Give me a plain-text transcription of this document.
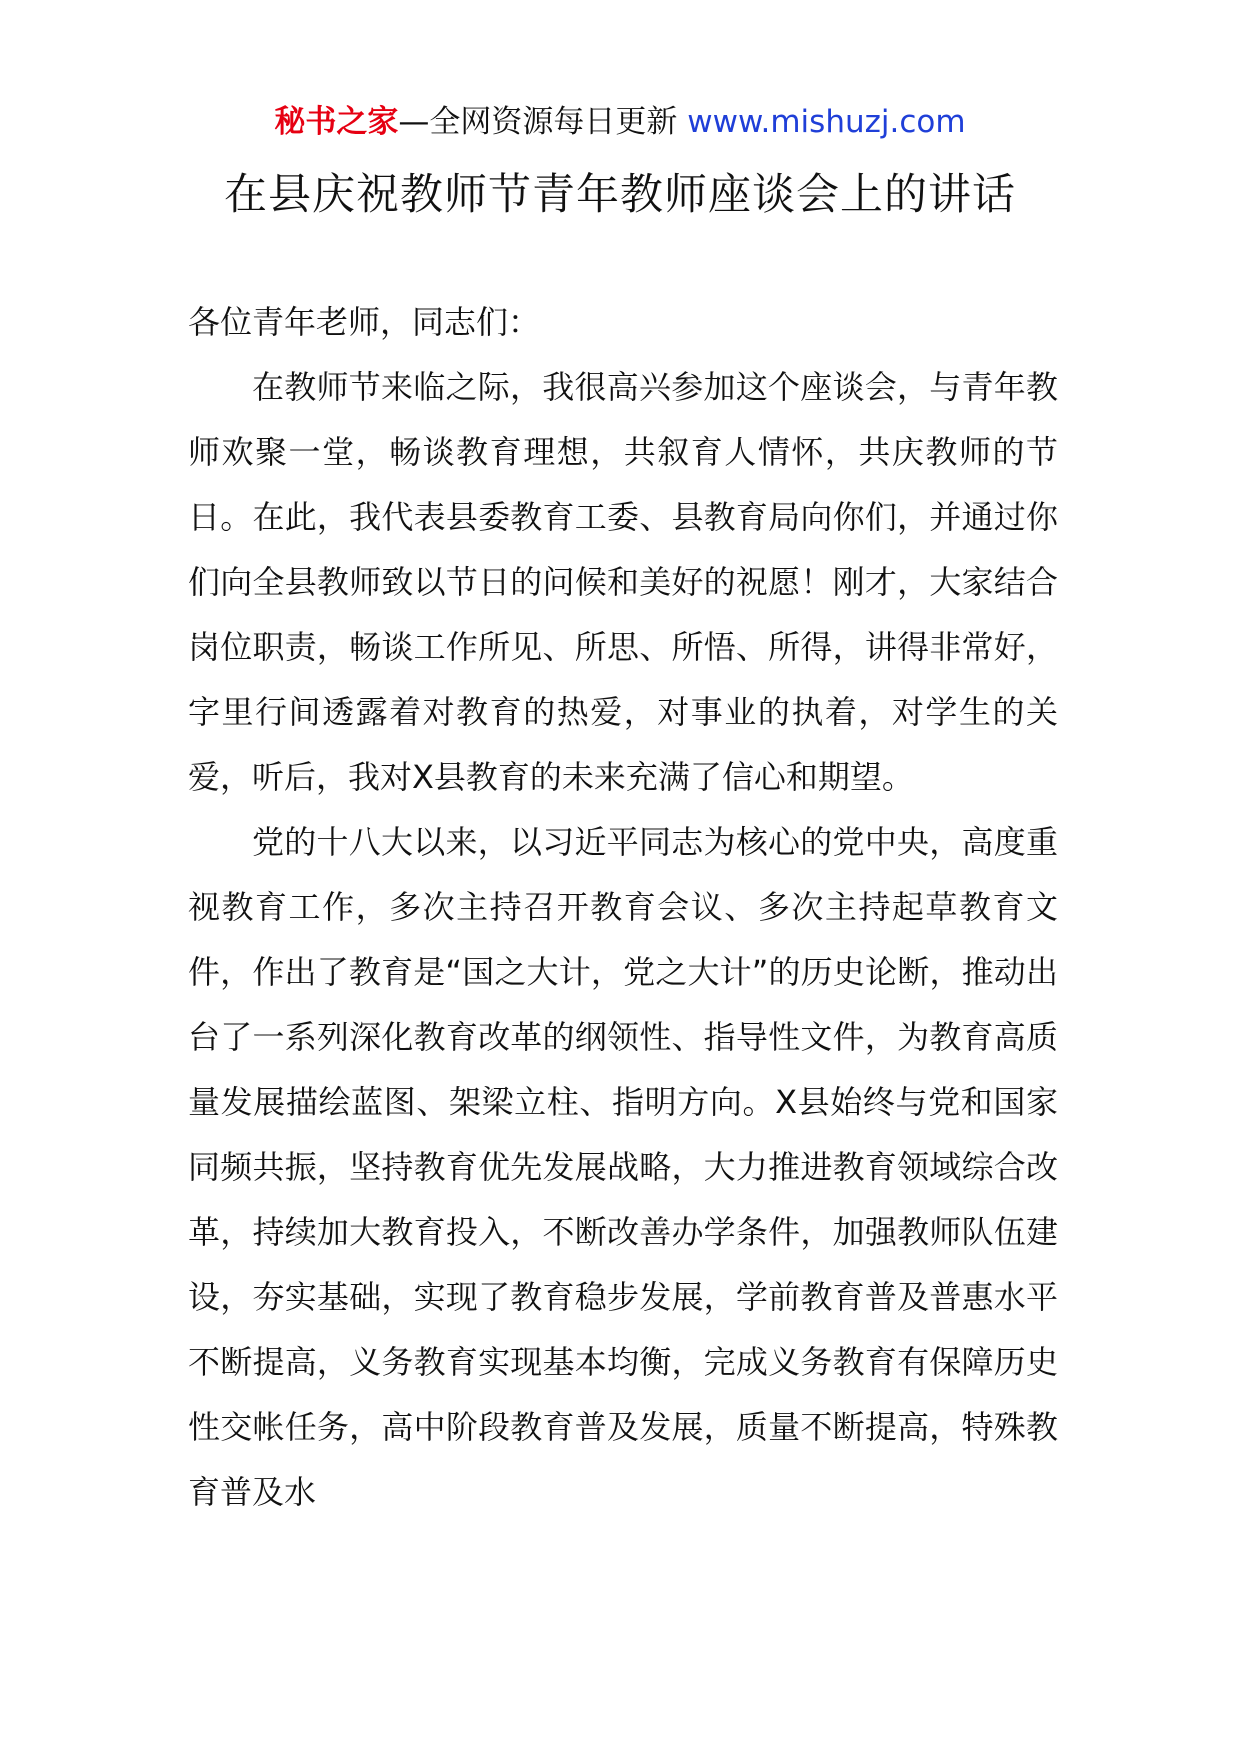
秘书之家—全网资源每日更新 www.mishuzj.com
在县庆祝教师节青年教师座谈会上的讲话

各位青年老师，同志们：

在教师节来临之际，我很高兴参加这个座谈会，与青年教师欢聚一堂，畅谈教育理想，共叙育人情怀，共庆教师的节日。在此，我代表县委教育工委、县教育局向你们，并通过你们向全县教师致以节日的问候和美好的祝愿！刚才，大家结合岗位职责，畅谈工作所见、所思、所悟、所得，讲得非常好，字里行间透露着对教育的热爱，对事业的执着，对学生的关爱，听后，我对X县教育的未来充满了信心和期望。

党的十八大以来，以习近平同志为核心的党中央，高度重视教育工作，多次主持召开教育会议、多次主持起草教育文件，作出了教育是“国之大计，党之大计”的历史论断，推动出台了一系列深化教育改革的纲领性、指导性文件，为教育高质量发展描绘蓝图、架梁立柱、指明方向。X县始终与党和国家同频共振，坚持教育优先发展战略，大力推进教育领域综合改革，持续加大教育投入，不断改善办学条件，加强教师队伍建设，夯实基础，实现了教育稳步发展，学前教育普及普惠水平不断提高，义务教育实现基本均衡，完成义务教育有保障历史性交帐任务，高中阶段教育普及发展，质量不断提高，特殊教育普及水
